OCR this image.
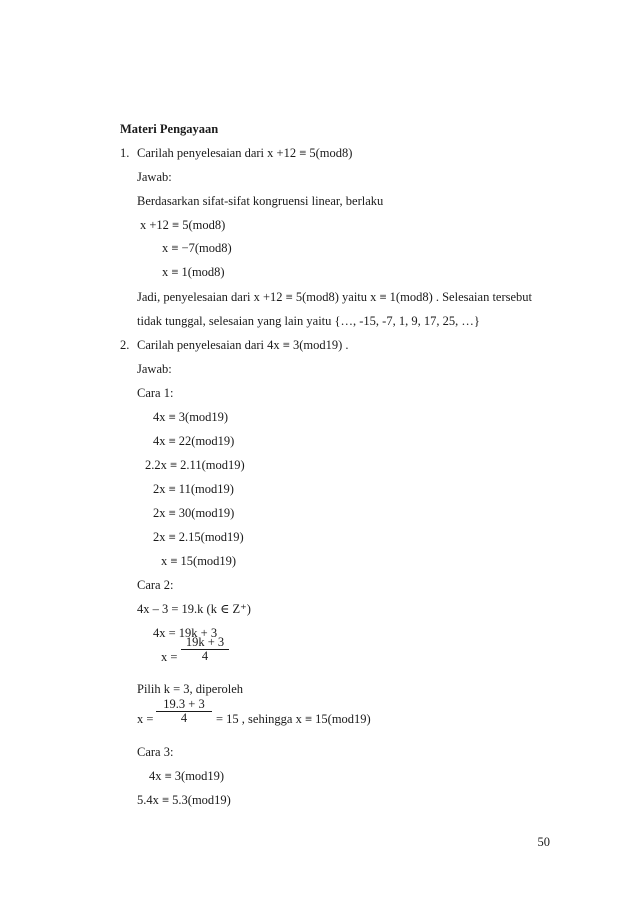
Materi Pengayaan
1. Carilah penyelesaian dari x +12 ≡ 5(mod8)
Jawab:
Berdasarkan sifat-sifat kongruensi linear, berlaku
x +12 ≡ 5(mod8)
x ≡ −7(mod8)
x ≡ 1(mod8)
Jadi, penyelesaian dari x +12 ≡ 5(mod8) yaitu x ≡ 1(mod8) . Selesaian tersebut
tidak tunggal, selesaian yang lain yaitu {…, -15, -7, 1, 9, 17, 25, …}
2. Carilah penyelesaian dari 4x ≡ 3(mod19) .
Jawab:
Cara 1:
4x ≡ 3(mod19)
4x ≡ 22(mod19)
2.2x ≡ 2.11(mod19)
2x ≡ 11(mod19)
2x ≡ 30(mod19)
2x ≡ 2.15(mod19)
x ≡ 15(mod19)
Cara 2:
4x – 3 = 19.k (k ∈ Z⁺)
4x = 19k + 3
$x = \frac{19k + 3}{4}$
Pilih k = 3, diperoleh
$x = \frac{19.3 + 3}{4} = 15$ , sehingga x ≡ 15(mod19)
Cara 3:
4x ≡ 3(mod19)
5.4x ≡ 5.3(mod19)
50
